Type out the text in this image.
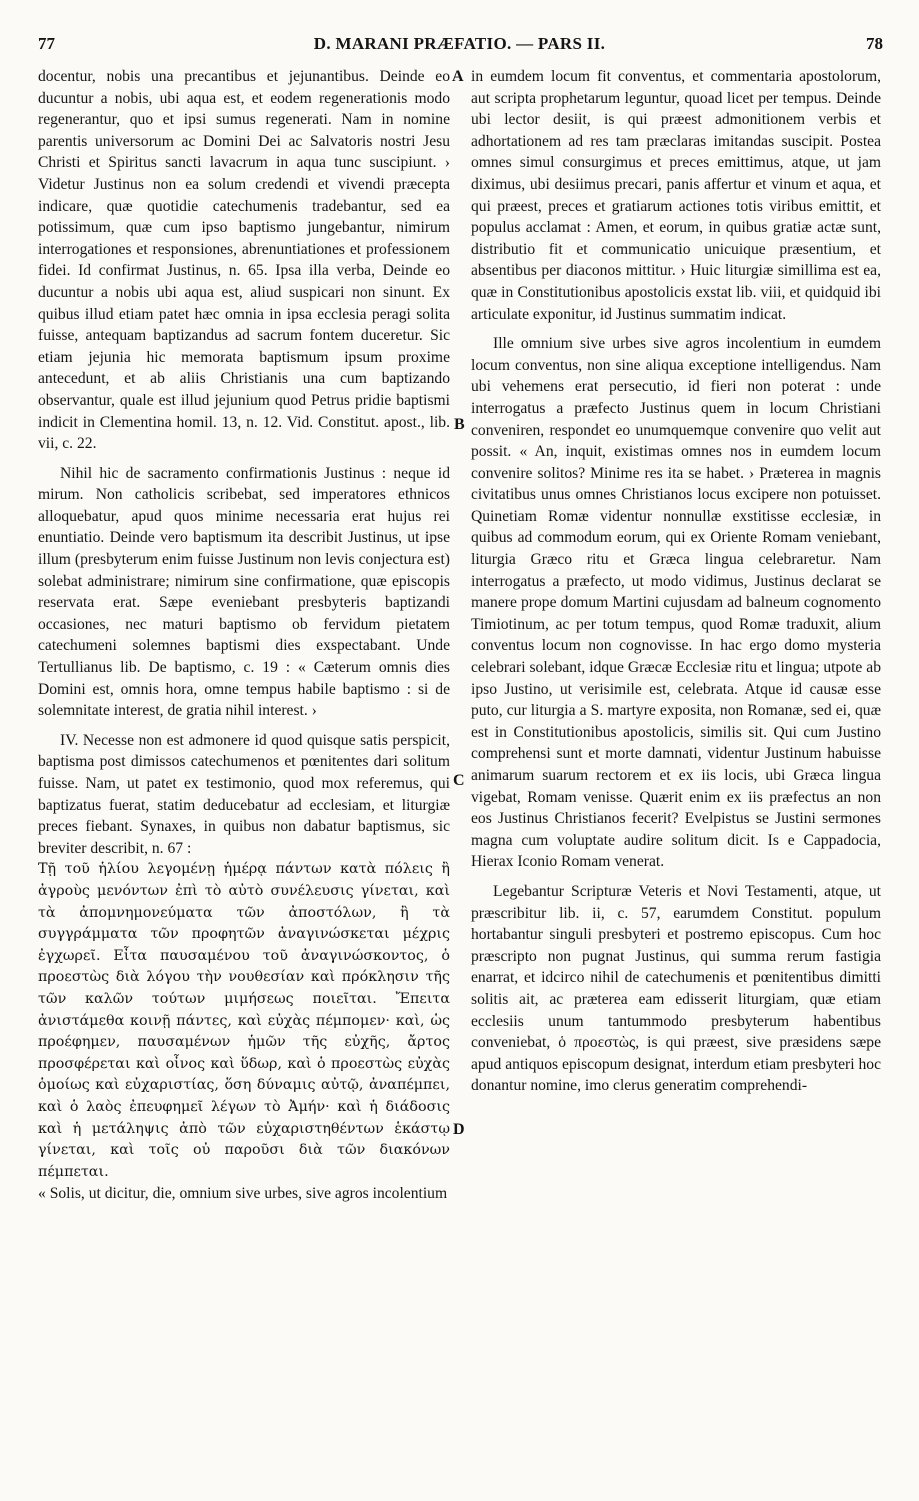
77	D. MARANI PRÆFATIO. — PARS II.	78

docentur, nobis una precantibus et jejunantibus. Deinde eo ducuntur a nobis, ubi aqua est, et eodem regenerationis modo regenerantur, quo et ipsi sumus regenerati. Nam in nomine parentis universorum ac Domini Dei ac Salvatoris nostri Jesu Christi et Spiritus sancti lavacrum in aqua tunc suscipiunt. › Videtur Justinus non ea solum credendi et vivendi præcepta indicare, quæ quotidie catechumenis tradebantur, sed ea potissimum, quæ cum ipso baptismo jungebantur, nimirum interrogationes et responsiones, abrenuntiationes et professionem fidei. Id confirmat Justinus, n. 65. Ipsa illa verba, Deinde eo ducuntur a nobis ubi aqua est, aliud suspicari non sinunt. Ex quibus illud etiam patet hæc omnia in ipsa ecclesia peragi solita fuisse, antequam baptizandus ad sacrum fontem duceretur. Sic etiam jejunia hic memorata baptismum ipsum proxime antecedunt, et ab aliis Christianis una cum baptizando observantur, quale est illud jejunium quod Petrus pridie baptismi indicit in Clementina homil. 13, n. 12. Vid. Constitut. apost., lib. vii, c. 22.

Nihil hic de sacramento confirmationis Justinus : neque id mirum. Non catholicis scribebat, sed imperatores ethnicos alloquebatur, apud quos minime necessaria erat hujus rei enuntiatio. Deinde vero baptismum ita describit Justinus, ut ipse illum (presbyterum enim fuisse Justinum non levis conjectura est) solebat administrare; nimirum sine confirmatione, quæ episcopis reservata erat. Sæpe eveniebant presbyteris baptizandi occasiones, nec maturi baptismo ob fervidum pietatem catechumeni solemnes baptismi dies exspectabant. Unde Tertullianus lib. De baptismo, c. 19 : « Cæterum omnis dies Domini est, omnis hora, omne tempus habile baptismo : si de solemnitate interest, de gratia nihil interest. ›

IV. Necesse non est admonere id quod quisque satis perspicit, baptisma post dimissos catechumenos et pœnitentes dari solitum fuisse. Nam, ut patet ex testimonio, quod mox referemus, qui baptizatus fuerat, statim deducebatur ad ecclesiam, et liturgiæ preces fiebant. Synaxes, in quibus non dabatur baptismus, sic breviter describit, n. 67 :

Τῇ τοῦ ἡλίου λεγομένῃ ἡμέρᾳ πάντων κατὰ πόλεις ἢ ἀγροὺς μενόντων ἐπὶ τὸ αὐτὸ συνέλευσις γίνεται, καὶ τὰ ἀπομνημονεύματα τῶν ἀποστόλων, ἢ τὰ συγγράμματα τῶν προφητῶν ἀναγινώσκεται μέχρις ἐγχωρεῖ. Εἶτα παυσαμένου τοῦ ἀναγινώσκοντος, ὁ προεστὼς διὰ λόγου τὴν νουθεσίαν καὶ πρόκλησιν τῆς τῶν καλῶν τούτων μιμήσεως ποιεῖται. Ἔπειτα ἀνιστάμεθα κοινῇ πάντες, καὶ εὐχὰς πέμπομεν· καὶ, ὡς προέφημεν, παυσαμένων ἡμῶν τῆς εὐχῆς, ἄρτος προσφέρεται καὶ οἶνος καὶ ὕδωρ, καὶ ὁ προεστὼς εὐχὰς ὁμοίως καὶ εὐχαριστίας, ὅση δύναμις αὐτῷ, ἀναπέμπει, καὶ ὁ λαὸς ἐπευφημεῖ λέγων τὸ Ἀμήν· καὶ ἡ διάδοσις καὶ ἡ μετάληψις ἀπὸ τῶν εὐχαριστηθέντων ἑκάστῳ γίνεται, καὶ τοῖς οὐ παροῦσι διὰ τῶν διακόνων πέμπεται.

« Solis, ut dicitur, die, omnium sive urbes, sive agros incolentium

in eumdem locum fit conventus, et commentaria apostolorum, aut scripta prophetarum leguntur, quoad licet per tempus. Deinde ubi lector desiit, is qui præest admonitionem verbis et adhortationem ad res tam præclaras imitandas suscipit. Postea omnes simul consurgimus et preces emittimus, atque, ut jam diximus, ubi desiimus precari, panis affertur et vinum et aqua, et qui præest, preces et gratiarum actiones totis viribus emittit, et populus acclamat : Amen, et eorum, in quibus gratiæ actæ sunt, distributio fit et communicatio unicuique præsentium, et absentibus per diaconos mittitur. › Huic liturgiæ simillima est ea, quæ in Constitutionibus apostolicis exstat lib. viii, et quidquid ibi articulate exponitur, id Justinus summatim indicat.

Ille omnium sive urbes sive agros incolentium in eumdem locum conventus, non sine aliqua exceptione intelligendus. Nam ubi vehemens erat persecutio, id fieri non poterat : unde interrogatus a præfecto Justinus quem in locum Christiani conveniren, respondet eo unumquemque convenire quo velit aut possit. « An, inquit, existimas omnes nos in eumdem locum convenire solitos? Minime res ita se habet. › Præterea in magnis civitatibus unus omnes Christianos locus excipere non potuisset. Quinetiam Romæ videntur nonnullæ exstitisse ecclesiæ, in quibus ad commodum eorum, qui ex Oriente Romam veniebant, liturgia Græco ritu et Græca lingua celebraretur. Nam interrogatus a præfecto, ut modo vidimus, Justinus declarat se manere prope domum Martini cujusdam ad balneum cognomento Timiotinum, ac per totum tempus, quod Romæ traduxit, alium conventus locum non cognovisse. In hac ergo domo mysteria celebrari solebant, idque Græcæ Ecclesiæ ritu et lingua; utpote ab ipso Justino, ut verisimile est, celebrata. Atque id causæ esse puto, cur liturgia a S. martyre exposita, non Romanæ, sed ei, quæ est in Constitutionibus apostolicis, similis sit. Qui cum Justino comprehensi sunt et morte damnati, videntur Justinum habuisse animarum suarum rectorem et ex iis locis, ubi Græca lingua vigebat, Romam venisse. Quærit enim ex iis præfectus an non eos Justinus Christianos fecerit? Evelpistus se Justini sermones magna cum voluptate audire solitum dicit. Is e Cappadocia, Hierax Iconio Romam venerat.

Legebantur Scripturæ Veteris et Novi Testamenti, atque, ut præscribitur lib. ii, c. 57, earumdem Constitut. populum hortabantur singuli presbyteri et postremo episcopus. Cum hoc præscripto non pugnat Justinus, qui summa rerum fastigia enarrat, et idcirco nihil de catechumenis et pœnitentibus dimitti solitis ait, ac præterea eam edisserit liturgiam, quæ etiam ecclesiis unum tantummodo presbyterum habentibus conveniebat, ὁ προεστὼς, is qui præest, sive præsidens sæpe apud antiquos episcopum designat, interdum etiam presbyteri hoc donantur nomine, imo clerus generatim comprehendi-

A
B
C
D
